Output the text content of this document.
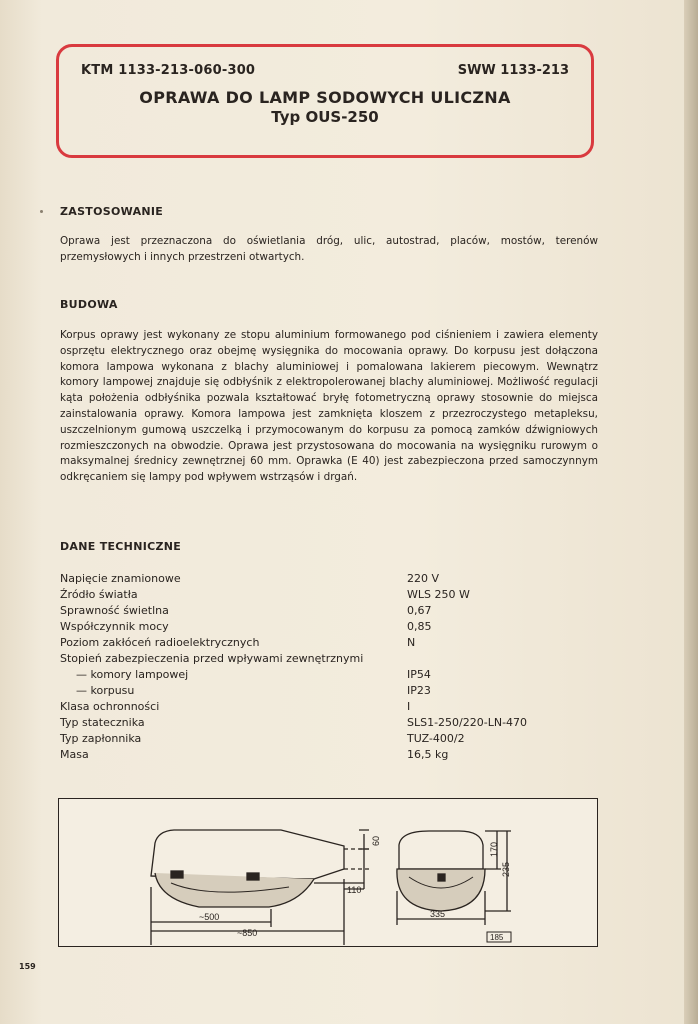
KTM 1133-213-060-300	SWW 1133-213
OPRAWA DO LAMP SODOWYCH ULICZNA
Typ OUS-250
ZASTOSOWANIE

Oprawa jest przeznaczona do oświetlania dróg, ulic, autostrad, placów, mostów, terenów przemysłowych i innych przestrzeni otwartych.

BUDOWA

Korpus oprawy jest wykonany ze stopu aluminium formowanego pod ciśnieniem i zawiera elementy osprzętu elektrycznego oraz obejmę wysięgnika do mocowania oprawy. Do korpusu jest dołączona komora lampowa wykonana z blachy aluminiowej i pomalowana lakierem piecowym. Wewnątrz komory lampowej znajduje się odbłyśnik z elektropolerowanej blachy aluminiowej. Możliwość regulacji kąta położenia odbłyśnika pozwala kształtować bryłę fotometryczną oprawy stosownie do miejsca zainstalowania oprawy. Komora lampowa jest zamknięta kloszem z przezroczystego metapleksu, uszczelnionym gumową uszczelką i przymocowanym do korpusu za pomocą zamków dźwigniowych rozmieszczonych na obwodzie. Oprawa jest przystosowana do mocowania na wysięgniku rurowym o maksymalnej średnicy zewnętrznej 60 mm. Oprawka (E 40) jest zabezpieczona przed samoczynnym odkręcaniem się lampy pod wpływem wstrząsów i drgań.

DANE TECHNICZNE
Napięcie znamionowe	220 V
Źródło światła	WLS 250 W
Sprawność świetlna	0,67
Współczynnik mocy	0,85
Poziom zakłóceń radioelektrycznych	N
Stopień zabezpieczenia przed wpływami zewnętrznymi
— komory lampowej	IP54
— korpusu	IP23
Klasa ochronności	I
Typ statecznika	SLS1-250/220-LN-470
Typ zapłonnika	TUZ-400/2
Masa	16,5 kg
~500
~850
110
60
335
170
235
185
159
